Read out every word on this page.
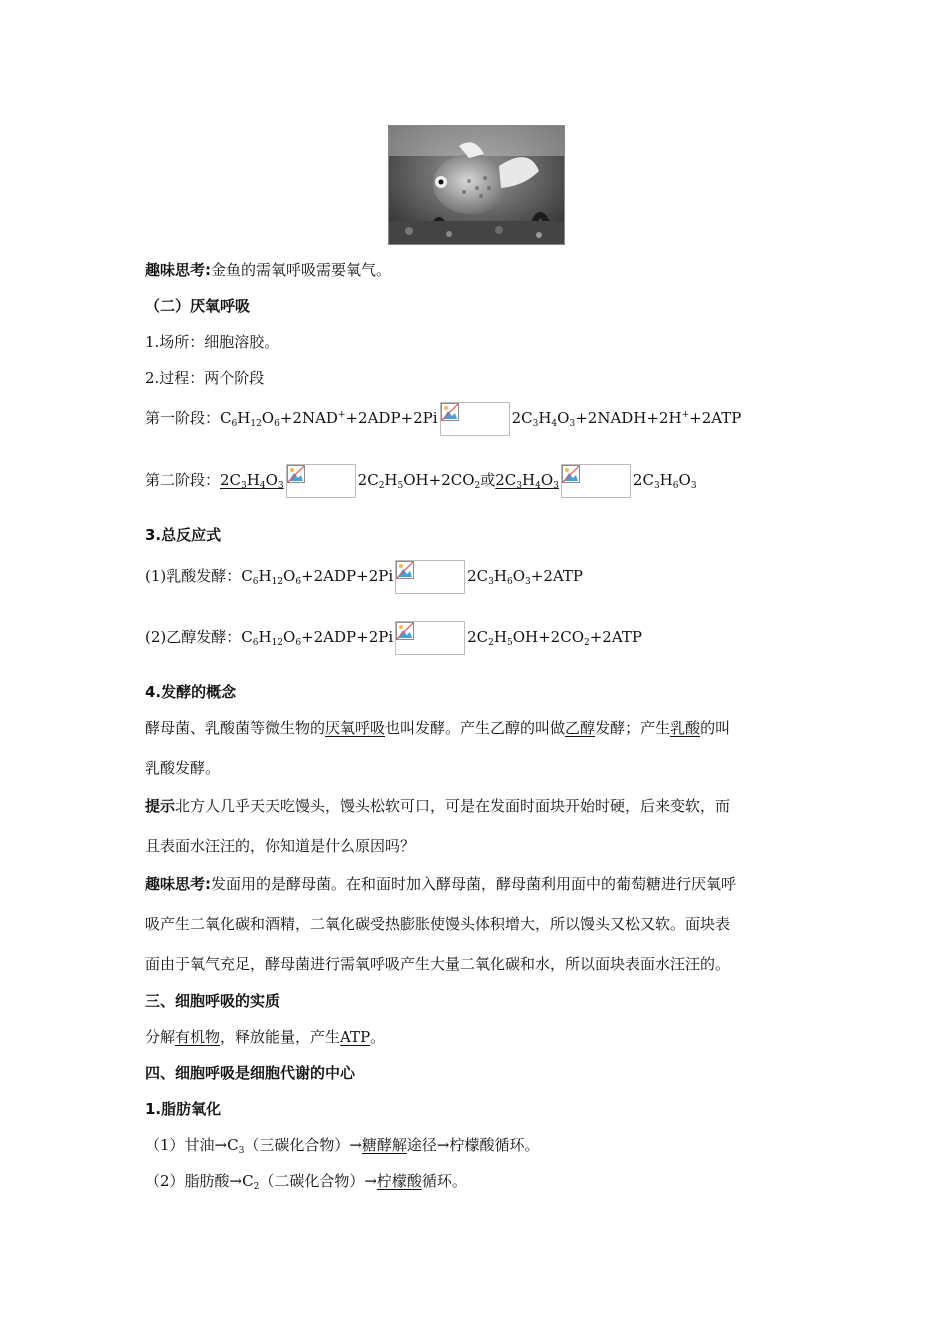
趣味思考:金鱼的需氧呼吸需要氧气。
（二）厌氧呼吸
1.场所：细胞溶胶。
2.过程：两个阶段
第一阶段：$C_6H_{12}O_6+2NAD^++2ADP+2Pi$	$2C_3H_4O_3+2NADH+2H^++2ATP$
第二阶段：$2C_3H_4O_3$	$2C_2H_5OH+2CO_2$或$2C_3H_4O_3$	$2C_3H_6O_3$
3.总反应式
(1)乳酸发酵：$C_6H_{12}O_6+2ADP+2Pi$	$2C_3H_6O_3+2ATP$
(2)乙醇发酵：$C_6H_{12}O_6+2ADP+2Pi$	$2C_2H_5OH+2CO_2+2ATP$
4.发酵的概念
酵母菌、乳酸菌等微生物的厌氧呼吸也叫发酵。产生乙醇的叫做乙醇发酵；产生乳酸的叫
乳酸发酵。
提示北方人几乎天天吃馒头，馒头松软可口，可是在发面时面块开始时硬，后来变软，而
且表面水汪汪的，你知道是什么原因吗？
趣味思考:发面用的是酵母菌。在和面时加入酵母菌，酵母菌利用面中的葡萄糖进行厌氧呼
吸产生二氧化碳和酒精，二氧化碳受热膨胀使馒头体积增大，所以馒头又松又软。面块表
面由于氧气充足，酵母菌进行需氧呼吸产生大量二氧化碳和水，所以面块表面水汪汪的。
三、细胞呼吸的实质
分解有机物，释放能量，产生ATP。
四、细胞呼吸是细胞代谢的中心
1.脂肪氧化
（1）甘油$\to C_3$（三碳化合物）→糖酵解途径→柠檬酸循环。
（2）脂肪酸$\to C_2$（二碳化合物）→柠檬酸循环。
